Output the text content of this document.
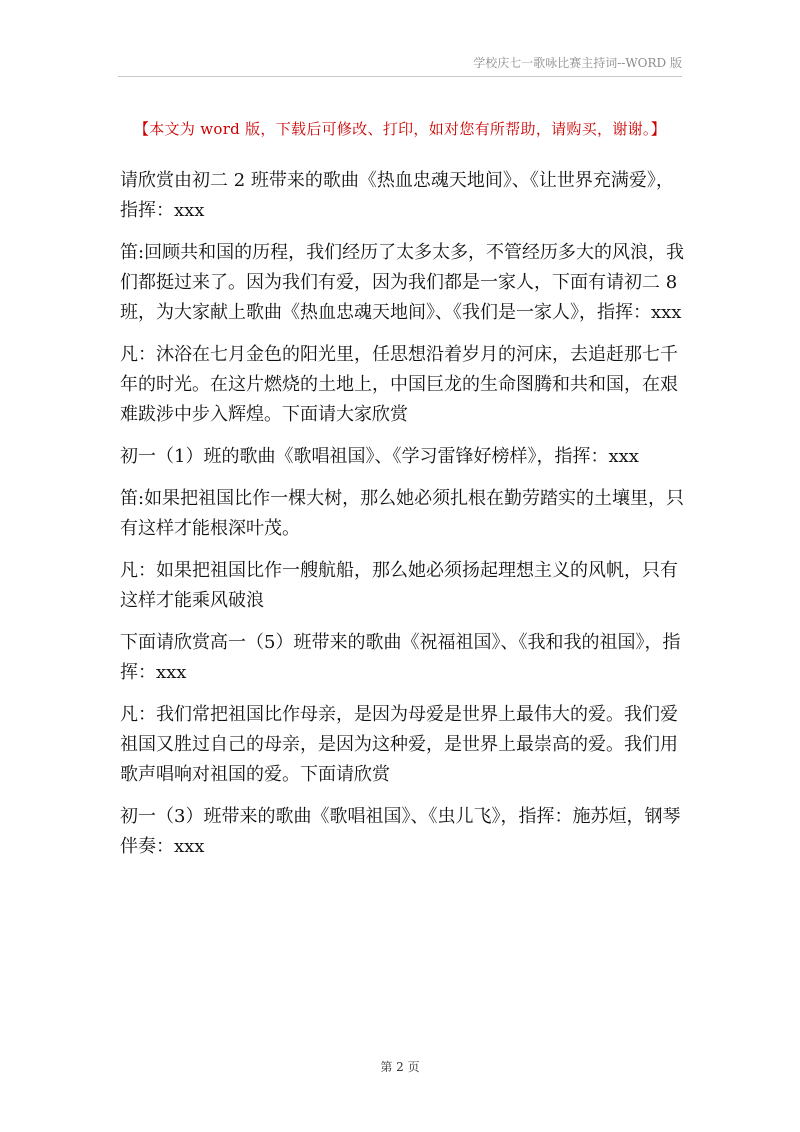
学校庆七一歌咏比赛主持词--WORD 版
【本文为 word 版，下载后可修改、打印，如对您有所帮助，请购买，谢谢。】

请欣赏由初二 2 班带来的歌曲《热血忠魂天地间》、《让世界充满爱》，指挥：xxx

笛:回顾共和国的历程，我们经历了太多太多，不管经历多大的风浪，我们都挺过来了。因为我们有爱，因为我们都是一家人，下面有请初二 8 班，为大家献上歌曲《热血忠魂天地间》、《我们是一家人》，指挥：xxx

凡：沐浴在七月金色的阳光里，任思想沿着岁月的河床，去追赶那七千年的时光。在这片燃烧的土地上，中国巨龙的生命图腾和共和国，在艰难跋涉中步入辉煌。下面请大家欣赏

初一（1）班的歌曲《歌唱祖国》、《学习雷锋好榜样》，指挥：xxx

笛:如果把祖国比作一棵大树，那么她必须扎根在勤劳踏实的土壤里，只有这样才能根深叶茂。

凡：如果把祖国比作一艘航船，那么她必须扬起理想主义的风帆，只有这样才能乘风破浪

下面请欣赏高一（5）班带来的歌曲《祝福祖国》、《我和我的祖国》，指挥：xxx

凡：我们常把祖国比作母亲，是因为母爱是世界上最伟大的爱。我们爱祖国又胜过自己的母亲，是因为这种爱，是世界上最崇高的爱。我们用歌声唱响对祖国的爱。下面请欣赏

初一（3）班带来的歌曲《歌唱祖国》、《虫儿飞》，指挥：施苏烜，钢琴伴奏：xxx

第 2 页
